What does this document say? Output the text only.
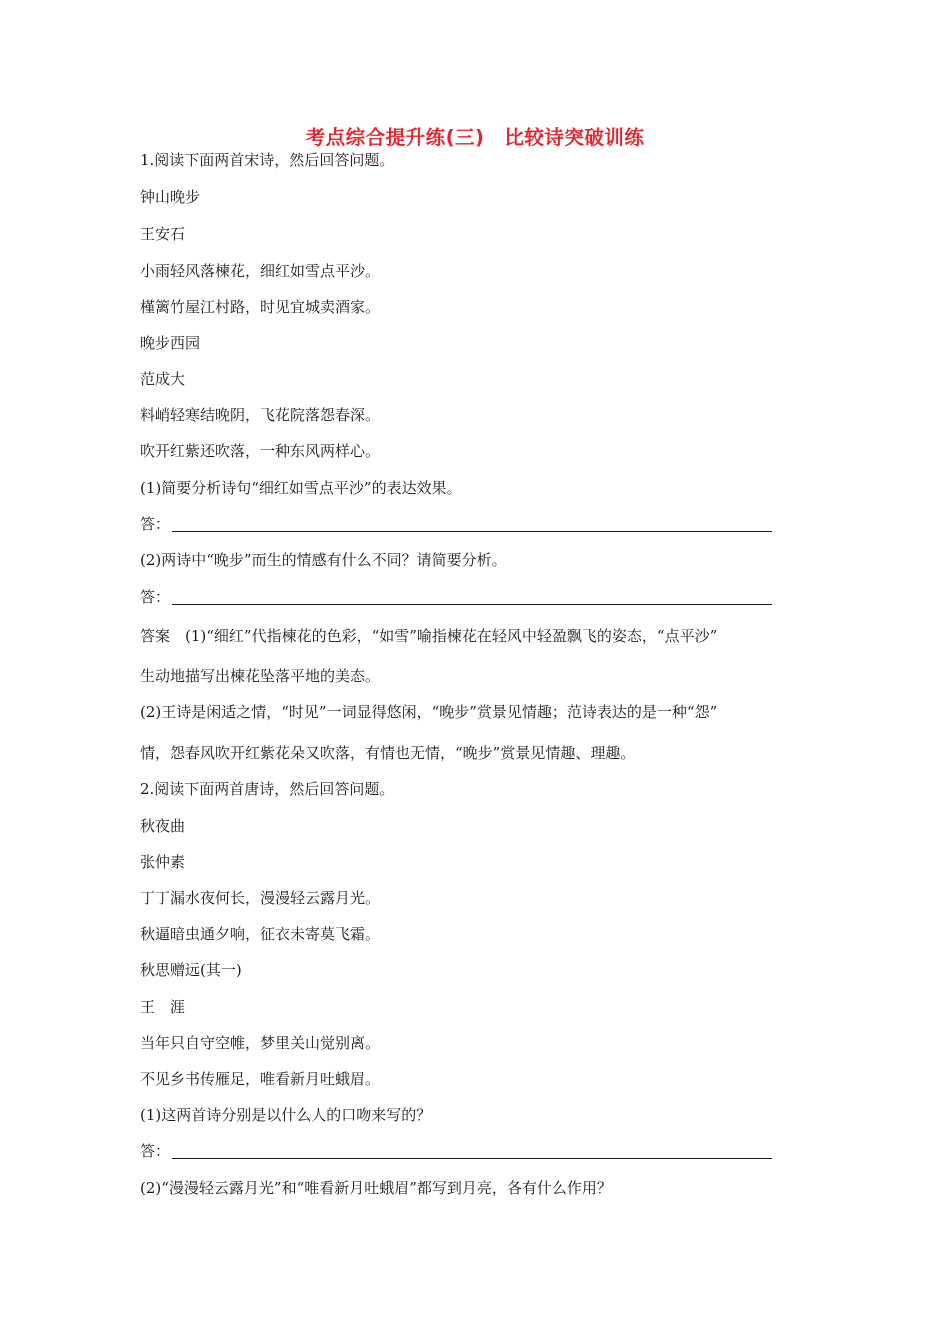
考点综合提升练(三)　比较诗突破训练
1.阅读下面两首宋诗，然后回答问题。
钟山晚步
王安石
小雨轻风落楝花，细红如雪点平沙。
槿篱竹屋江村路，时见宜城卖酒家。
晚步西园
范成大
料峭轻寒结晚阴，飞花院落怨春深。
吹开红紫还吹落，一种东风两样心。
(1)简要分析诗句“细红如雪点平沙”的表达效果。
答：
(2)两诗中“晚步”而生的情感有什么不同？请简要分析。
答：
答案　(1)“细红”代指楝花的色彩，“如雪”喻指楝花在轻风中轻盈飘飞的姿态，“点平沙”
生动地描写出楝花坠落平地的美态。
(2)王诗是闲适之情，“时见”一词显得悠闲，“晚步”赏景见情趣；范诗表达的是一种“怨”
情，怨春风吹开红紫花朵又吹落，有情也无情，“晚步”赏景见情趣、理趣。
2.阅读下面两首唐诗，然后回答问题。
秋夜曲
张仲素
丁丁漏水夜何长，漫漫轻云露月光。
秋逼暗虫通夕响，征衣未寄莫飞霜。
秋思赠远(其一)
王　涯
当年只自守空帷，梦里关山觉别离。
不见乡书传雁足，唯看新月吐蛾眉。
(1)这两首诗分别是以什么人的口吻来写的？
答：
(2)“漫漫轻云露月光”和“唯看新月吐蛾眉”都写到月亮，各有什么作用？
